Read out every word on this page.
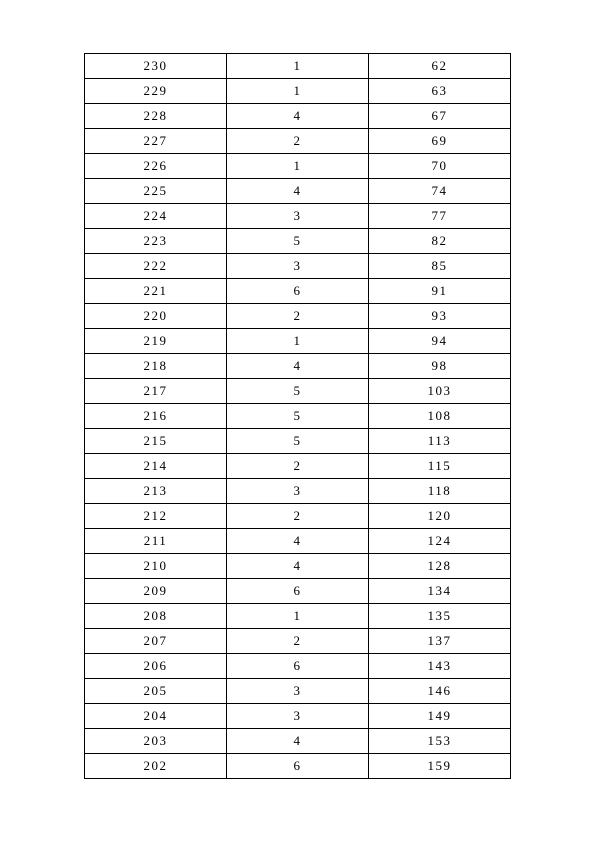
230	1	62
229	1	63
228	4	67
227	2	69
226	1	70
225	4	74
224	3	77
223	5	82
222	3	85
221	6	91
220	2	93
219	1	94
218	4	98
217	5	103
216	5	108
215	5	113
214	2	115
213	3	118
212	2	120
211	4	124
210	4	128
209	6	134
208	1	135
207	2	137
206	6	143
205	3	146
204	3	149
203	4	153
202	6	159
